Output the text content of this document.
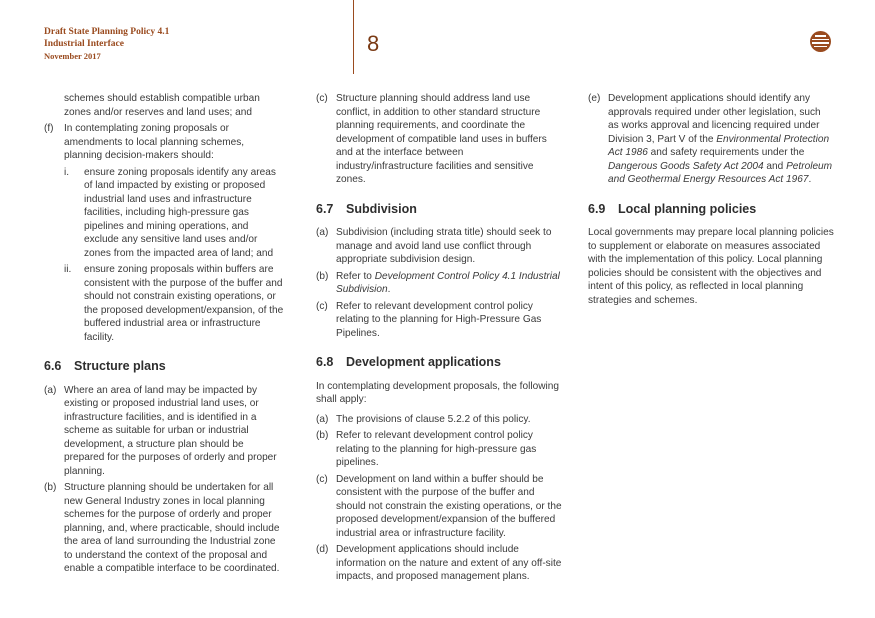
Draft State Planning Policy 4.1
Industrial Interface
November 2017	8
schemes should establish compatible urban zones and/or reserves and land uses; and
(f)	In contemplating zoning proposals or amendments to local planning schemes, planning decision-makers should:
i.	ensure zoning proposals identify any areas of land impacted by existing or proposed industrial land uses and infrastructure facilities, including high-pressure gas pipelines and mining operations, and exclude any sensitive land uses and/or zones from the impacted area of land; and
ii.	ensure zoning proposals within buffers are consistent with the purpose of the buffer and should not constrain existing operations, or the proposed development/expansion, of the buffered industrial area or infrastructure facility.
6.6	Structure plans
(a) Where an area of land may be impacted by existing or proposed industrial land uses, or infrastructure facilities, and is identified in a scheme as suitable for urban or industrial development, a structure plan should be prepared for the purposes of orderly and proper planning.
(b) Structure planning should be undertaken for all new General Industry zones in local planning schemes for the purpose of orderly and proper planning, and, where practicable, should include the area of land surrounding the Industrial zone to understand the context of the proposal and enable a compatible interface to be coordinated.
(c) Structure planning should address land use conflict, in addition to other standard structure planning requirements, and coordinate the development of compatible land uses in buffers and at the interface between industry/infrastructure facilities and sensitive zones.
6.7	Subdivision
(a) Subdivision (including strata title) should seek to manage and avoid land use conflict through appropriate subdivision design.
(b) Refer to Development Control Policy 4.1 Industrial Subdivision.
(c) Refer to relevant development control policy relating to the planning for High-Pressure Gas Pipelines.
6.8	Development applications
In contemplating development proposals, the following shall apply:
(a) The provisions of clause 5.2.2 of this policy.
(b) Refer to relevant development control policy relating to the planning for high-pressure gas pipelines.
(c) Development on land within a buffer should be consistent with the purpose of the buffer and should not constrain the existing operations, or the proposed development/expansion of the buffered industrial area or infrastructure facility.
(d) Development applications should include information on the nature and extent of any off-site impacts, and proposed management plans.
(e) Development applications should identify any approvals required under other legislation, such as works approval and licencing required under Division 3, Part V of the Environmental Protection Act 1986 and safety requirements under the Dangerous Goods Safety Act 2004 and Petroleum and Geothermal Energy Resources Act 1967.
6.9	Local planning policies
Local governments may prepare local planning policies to supplement or elaborate on measures associated with the implementation of this policy. Local planning policies should be consistent with the objectives and intent of this policy, as reflected in local planning strategies and schemes.
